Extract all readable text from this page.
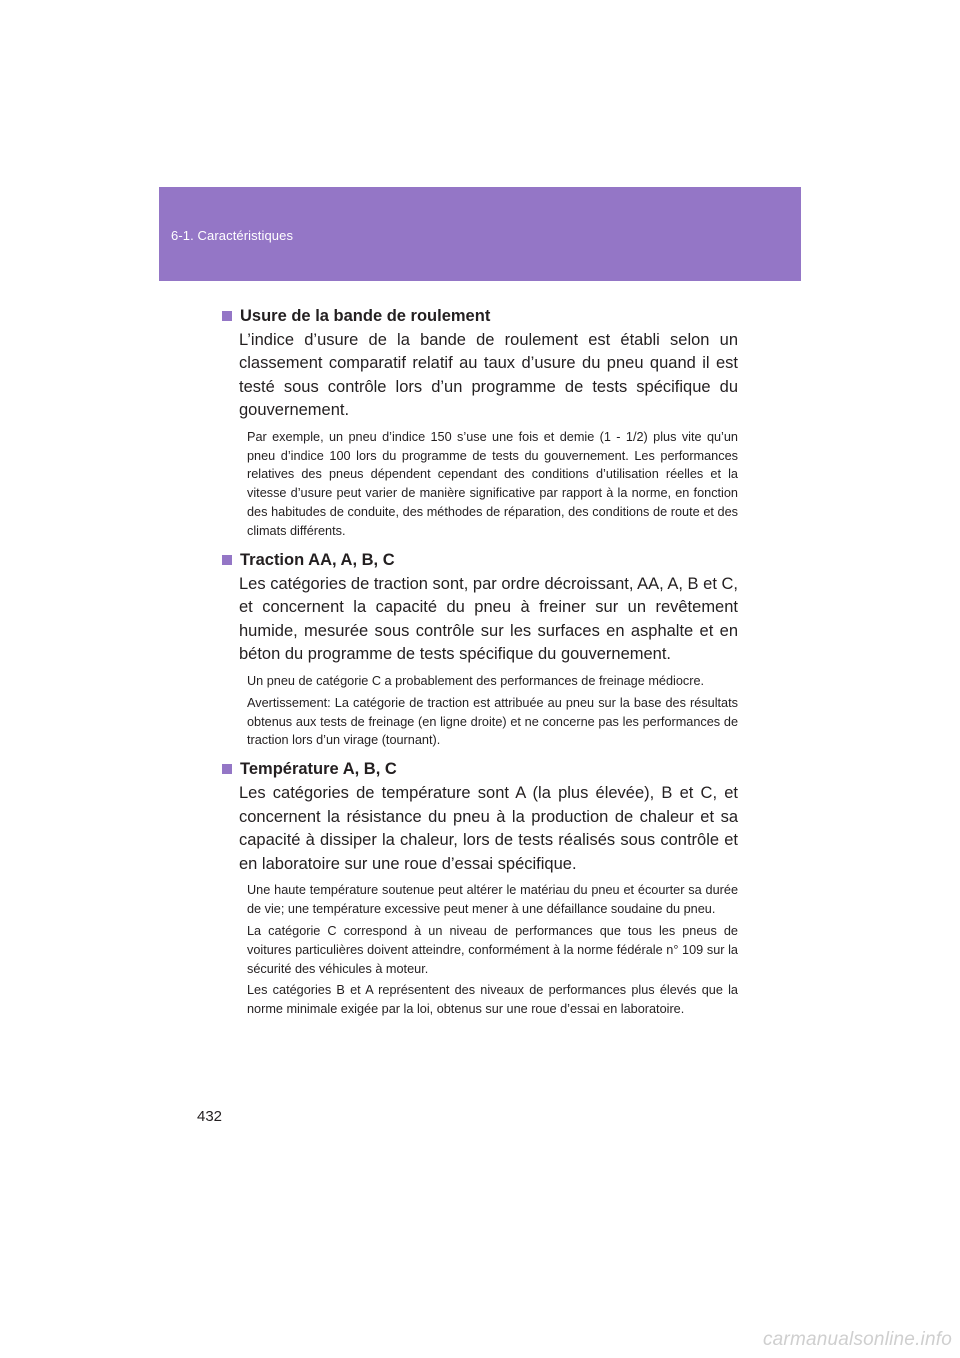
6-1. Caractéristiques
Usure de la bande de roulement

L’indice d’usure de la bande de roulement est établi selon un classement comparatif relatif au taux d’usure du pneu quand il est testé sous contrôle lors d’un programme de tests spécifique du gouvernement.

Par exemple, un pneu d’indice 150 s’use une fois et demie (1 - 1/2) plus vite qu’un pneu d’indice 100 lors du programme de tests du gouvernement. Les performances relatives des pneus dépendent cependant des conditions d’utilisation réelles et la vitesse d’usure peut varier de manière significative par rapport à la norme, en fonction des habitudes de conduite, des méthodes de réparation, des conditions de route et des climats différents.

Traction AA, A, B, C

Les catégories de traction sont, par ordre décroissant, AA, A, B et C, et concernent la capacité du pneu à freiner sur un revêtement humide, mesurée sous contrôle sur les surfaces en asphalte et en béton du programme de tests spécifique du gouvernement.

Un pneu de catégorie C a probablement des performances de freinage médiocre.

Avertissement: La catégorie de traction est attribuée au pneu sur la base des résultats obtenus aux tests de freinage (en ligne droite) et ne concerne pas les performances de traction lors d’un virage (tournant).

Température A, B, C

Les catégories de température sont A (la plus élevée), B et C, et concernent la résistance du pneu à la production de chaleur et sa capacité à dissiper la chaleur, lors de tests réalisés sous contrôle et en laboratoire sur une roue d’essai spécifique.

Une haute température soutenue peut altérer le matériau du pneu et écourter sa durée de vie; une température excessive peut mener à une défaillance soudaine du pneu.

La catégorie C correspond à un niveau de performances que tous les pneus de voitures particulières doivent atteindre, conformément à la norme fédérale n° 109 sur la sécurité des véhicules à moteur.

Les catégories B et A représentent des niveaux de performances plus élevés que la norme minimale exigée par la loi, obtenus sur une roue d’essai en laboratoire.

432
carmanualsonline.info
